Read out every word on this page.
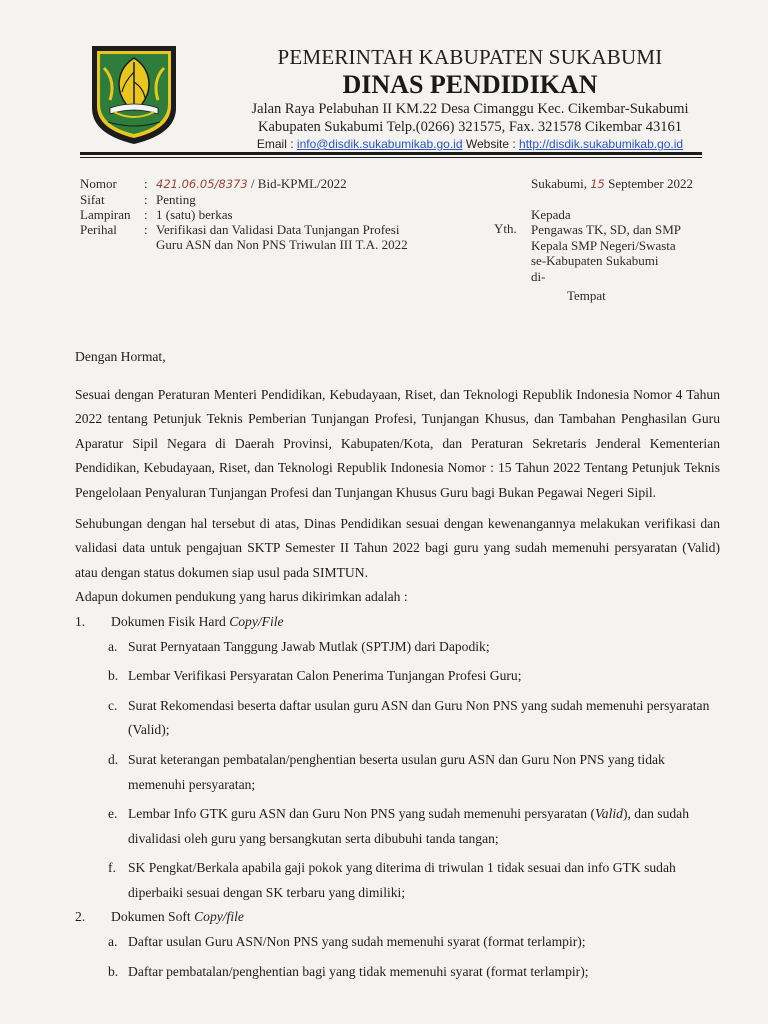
PEMERINTAH KABUPATEN SUKABUMI
DINAS PENDIDIKAN
Jalan Raya Pelabuhan II KM.22 Desa Cimanggu Kec. Cikembar-Sukabumi
Kabupaten Sukabumi Telp.(0266) 321575, Fax. 321578 Cikembar 43161
Email : info@disdik.sukabumikab.go.id Website : http://disdik.sukabumikab.go.id
Nomor	: 421.06.05/8373 / Bid-KPML/2022
Sifat	: Penting
Lampiran	: 1 (satu) berkas
Perihal	: Verifikasi dan Validasi Data Tunjangan Profesi
Guru ASN dan Non PNS Triwulan III T.A. 2022
Sukabumi, 15 September 2022
Kepada
Pengawas TK, SD, dan SMP
Kepala SMP Negeri/Swasta
se-Kabupaten Sukabumi
di-
Tempat
Yth.
Dengan Hormat,
Sesuai dengan Peraturan Menteri Pendidikan, Kebudayaan, Riset, dan Teknologi Republik Indonesia Nomor 4 Tahun 2022 tentang Petunjuk Teknis Pemberian Tunjangan Profesi, Tunjangan Khusus, dan Tambahan Penghasilan Guru Aparatur Sipil Negara di Daerah Provinsi, Kabupaten/Kota, dan Peraturan Sekretaris Jenderal Kementerian Pendidikan, Kebudayaan, Riset, dan Teknologi Republik Indonesia Nomor : 15 Tahun 2022 Tentang Petunjuk Teknis Pengelolaan Penyaluran Tunjangan Profesi dan Tunjangan Khusus Guru bagi Bukan Pegawai Negeri Sipil.
Sehubungan dengan hal tersebut di atas, Dinas Pendidikan sesuai dengan kewenangannya melakukan verifikasi dan validasi data untuk pengajuan SKTP Semester II Tahun 2022 bagi guru yang sudah memenuhi persyaratan (Valid) atau dengan status dokumen siap usul pada SIMTUN.
Adapun dokumen pendukung yang harus dikirimkan adalah :
1.	Dokumen Fisik Hard Copy/File
a. Surat Pernyataan Tanggung Jawab Mutlak (SPTJM) dari Dapodik;
b. Lembar Verifikasi Persyaratan Calon Penerima Tunjangan Profesi Guru;
c. Surat Rekomendasi beserta daftar usulan guru ASN dan Guru Non PNS yang sudah memenuhi persyaratan (Valid);
d. Surat keterangan pembatalan/penghentian beserta usulan guru ASN dan Guru Non PNS yang tidak memenuhi persyaratan;
e. Lembar Info GTK guru ASN dan Guru Non PNS yang sudah memenuhi persyaratan (Valid), dan sudah divalidasi oleh guru yang bersangkutan serta dibubuhi tanda tangan;
f. SK Pengkat/Berkala apabila gaji pokok yang diterima di triwulan 1 tidak sesuai dan info GTK sudah diperbaiki sesuai dengan SK terbaru yang dimiliki;
2.	Dokumen Soft Copy/file
a. Daftar usulan Guru ASN/Non PNS yang sudah memenuhi syarat (format terlampir);
b. Daftar pembatalan/penghentian bagi yang tidak memenuhi syarat (format terlampir);
